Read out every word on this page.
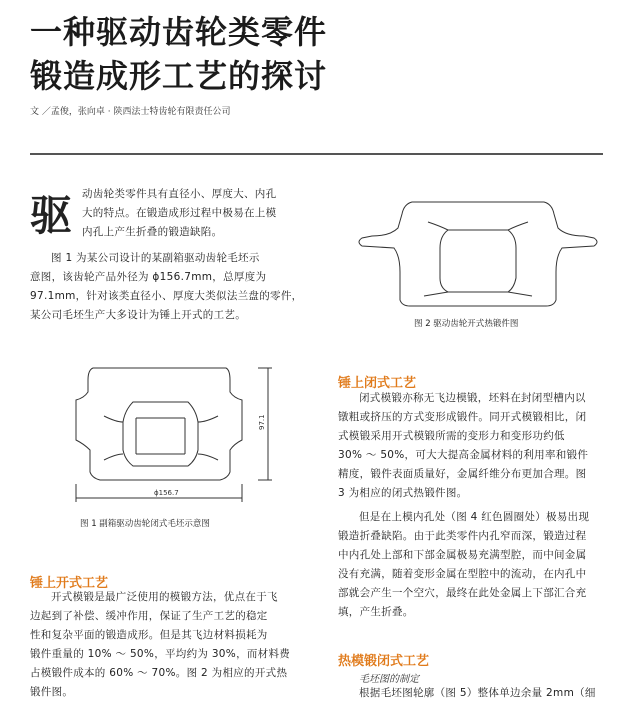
一种驱动齿轮类零件
锻造成形工艺的探讨
文 ／孟俊，张向卓 · 陕西法士特齿轮有限责任公司
驱 动齿轮类零件具有直径小、厚度大、内孔
大的特点。在锻造成形过程中极易在上模
内孔上产生折叠的锻造缺陷。
图 1 为某公司设计的某副箱驱动齿轮毛坯示
意图，该齿轮产品外径为 ϕ156.7mm，总厚度为
97.1mm，针对该类直径小、厚度大类似法兰盘的零件，
某公司毛坯生产大多设计为锤上开式的工艺。
ϕ156.7
97.1
图 1 副箱驱动齿轮闭式毛坯示意图
图 2 驱动齿轮开式热锻件图
锤上开式工艺
开式模锻是最广泛使用的模锻方法，优点在于飞
边起到了补偿、缓冲作用，保证了生产工艺的稳定
性和复杂平面的锻造成形。但是其飞边材料损耗为
锻件重量的 10% ～ 50%，平均约为 30%，而材料费
占模锻件成本的 60% ～ 70%。图 2 为相应的开式热
锻件图。
锤上闭式工艺
闭式模锻亦称无飞边模锻，坯料在封闭型槽内以
镦粗或挤压的方式变形成锻件。同开式模锻相比，闭
式模锻采用开式模锻所需的变形力和变形功约低
30% ～ 50%，可大大提高金属材料的利用率和锻件
精度，锻件表面质量好，金属纤维分布更加合理。图
3 为相应的闭式热锻件图。
但是在上模内孔处（图 4 红色圆圈处）极易出现
锻造折叠缺陷。由于此类零件内孔窄而深，锻造过程
中内孔处上部和下部金属极易充满型腔，而中间金属
没有充满，随着变形金属在型腔中的流动，在内孔中
部就会产生一个空穴，最终在此处金属上下部汇合充
填，产生折叠。
热模锻闭式工艺
毛坯图的制定
根据毛坯图轮廓（图 5）整体单边余量 2mm（细
